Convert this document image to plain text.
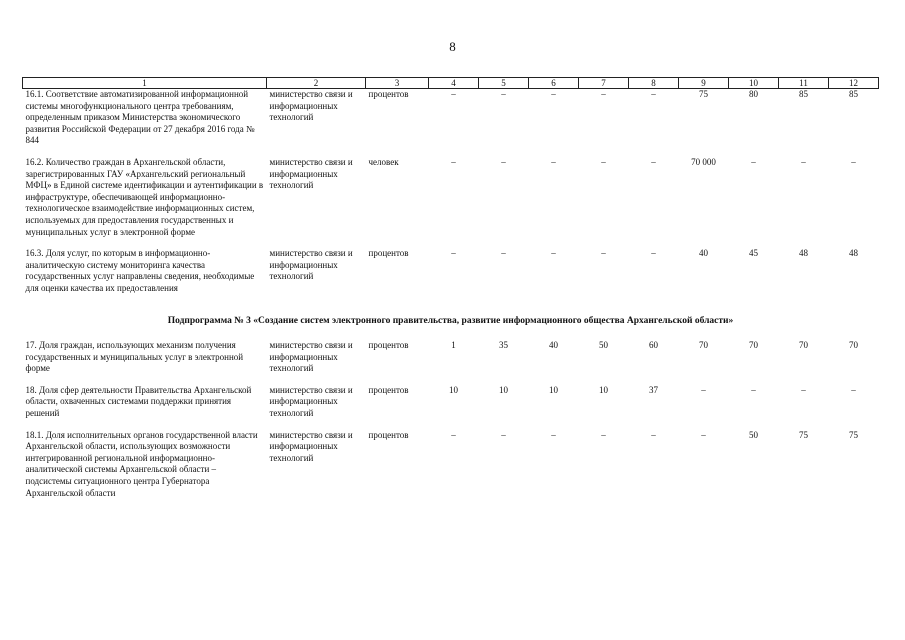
8
1	2	3	4	5	6	7	8	9	10	11	12
16.1. Соответствие автоматизированной информационной системы многофункционального центра требованиям, определенным приказом Министерства экономического развития Российской Федерации от 27 декабря 2016 года № 844	министерство связи и информационных технологий	процентов	–	–	–	–	–	75	80	85	85
16.2. Количество граждан в Архангельской области, зарегистрированных ГАУ «Архангельский региональный МФЦ» в Единой системе идентификации и аутентификации в инфраструктуре, обеспечивающей информационно-технологическое взаимодействие информационных систем, используемых для предоставления государственных и муниципальных услуг в электронной форме	министерство связи и информационных технологий	человек	–	–	–	–	–	70 000	–	–	–
16.3. Доля услуг, по которым в информационно-аналитическую систему мониторинга качества государственных услуг направлены сведения, необходимые для оценки качества их предоставления	министерство связи и информационных технологий	процентов	–	–	–	–	–	40	45	48	48
Подпрограмма № 3 «Создание систем электронного правительства, развитие информационного общества Архангельской области»											
17. Доля граждан, использующих механизм получения государственных и муниципальных услуг в электронной форме	министерство связи и информационных технологий	процентов	1	35	40	50	60	70	70	70	70
18. Доля сфер деятельности Правительства Архангельской области, охваченных системами поддержки принятия решений	министерство связи и информационных технологий	процентов	10	10	10	10	37	–	–	–	–
18.1. Доля исполнительных органов государственной власти Архангельской области, использующих возможности интегрированной региональной информационно-аналитической системы Архангельской области – подсистемы ситуационного центра Губернатора Архангельской области	министерство связи и информационных технологий	процентов	–	–	–	–	–	–	50	75	75
